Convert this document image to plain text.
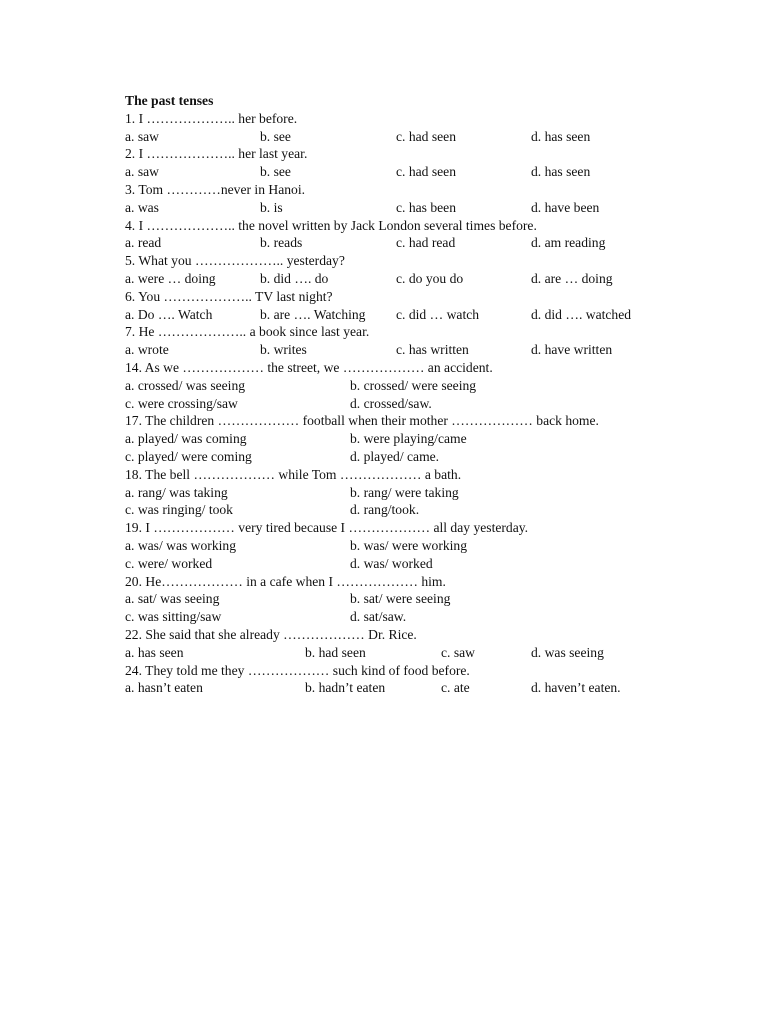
The past tenses
1. I ……………….. her before.
a. saw	b. see	c. had seen	d. has seen
2. I ……………….. her last year.
a. saw	b. see	c. had seen	d. has seen
3. Tom …………never in Hanoi.
a. was	b. is	c. has been	d. have been
4. I ……………….. the novel written by Jack London several times before.
a. read	b. reads	c. had read	d. am reading
5. What you ……………….. yesterday?
a. were … doing	b. did …. do	c. do you do	d. are … doing
6. You ……………….. TV last night?
a. Do …. Watch	b. are …. Watching	c. did … watch	d. did …. watched
7. He ……………….. a book since last year.
a. wrote	b. writes	c. has written	d. have written
14. As we ……………… the street, we ……………… an accident.
a. crossed/ was seeing	b. crossed/ were seeing
c. were crossing/saw	d. crossed/saw.
17. The children ……………… football when their mother ……………… back home.
a. played/ was coming	b. were playing/came
c. played/ were coming	d. played/ came.
18. The bell ……………… while Tom ……………… a bath.
a. rang/ was taking	b. rang/ were taking
c. was ringing/ took	d. rang/took.
19. I ……………… very tired because I ……………… all day yesterday.
a. was/ was working	b. was/ were working
c. were/ worked	d. was/ worked
20. He……………… in a cafe when I ……………… him.
a. sat/ was seeing	b. sat/ were seeing
c. was sitting/saw	d. sat/saw.
22. She said that she already ……………… Dr. Rice.
a. has seen	b. had seen	c. saw	d. was seeing
24. They told me they ……………… such kind of food before.
a. hasn’t eaten	b. hadn’t eaten	c. ate	d. haven’t eaten.
